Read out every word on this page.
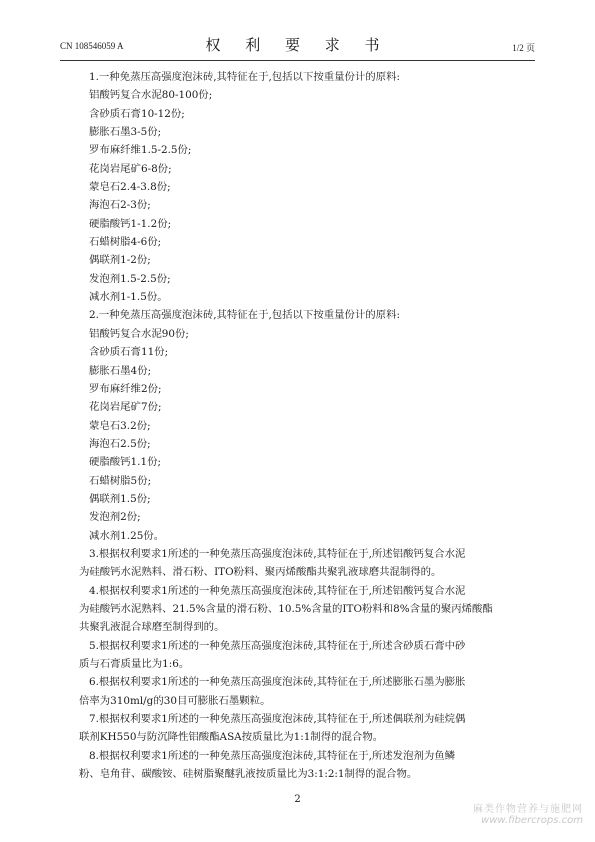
CN 108546059 A	权 利 要 求 书	1/2 页
1.一种免蒸压高强度泡沫砖,其特征在于,包括以下按重量份计的原料:
铝酸钙复合水泥80-100份;
含砂质石膏10-12份;
膨胀石墨3-5份;
罗布麻纤维1.5-2.5份;
花岗岩尾矿6-8份;
蒙皂石2.4-3.8份;
海泡石2-3份;
硬脂酸钙1-1.2份;
石蜡树脂4-6份;
偶联剂1-2份;
发泡剂1.5-2.5份;
减水剂1-1.5份。
2.一种免蒸压高强度泡沫砖,其特征在于,包括以下按重量份计的原料:
铝酸钙复合水泥90份;
含砂质石膏11份;
膨胀石墨4份;
罗布麻纤维2份;
花岗岩尾矿7份;
蒙皂石3.2份;
海泡石2.5份;
硬脂酸钙1.1份;
石蜡树脂5份;
偶联剂1.5份;
发泡剂2份;
减水剂1.25份。
3.根据权利要求1所述的一种免蒸压高强度泡沫砖,其特征在于,所述铝酸钙复合水泥
为硅酸钙水泥熟料、滑石粉、ITO粉料、聚丙烯酸酯共聚乳液球磨共混制得的。
4.根据权利要求1所述的一种免蒸压高强度泡沫砖,其特征在于,所述铝酸钙复合水泥
为硅酸钙水泥熟料、21.5%含量的滑石粉、10.5%含量的ITO粉料和8%含量的聚丙烯酸酯
共聚乳液混合球磨至制得到的。
5.根据权利要求1所述的一种免蒸压高强度泡沫砖,其特征在于,所述含砂质石膏中砂
质与石膏质量比为1:6。
6.根据权利要求1所述的一种免蒸压高强度泡沫砖,其特征在于,所述膨胀石墨为膨胀
倍率为310ml/g的30目可膨胀石墨颗粒。
7.根据权利要求1所述的一种免蒸压高强度泡沫砖,其特征在于,所述偶联剂为硅烷偶
联剂KH550与防沉降性铝酸酯ASA按质量比为1:1制得的混合物。
8.根据权利要求1所述的一种免蒸压高强度泡沫砖,其特征在于,所述发泡剂为鱼鳞
粉、皂角苷、碳酸铵、硅树脂聚醚乳液按质量比为3:1:2:1制得的混合物。
2
麻类作物营养与施肥网
www.fibercrops.com
